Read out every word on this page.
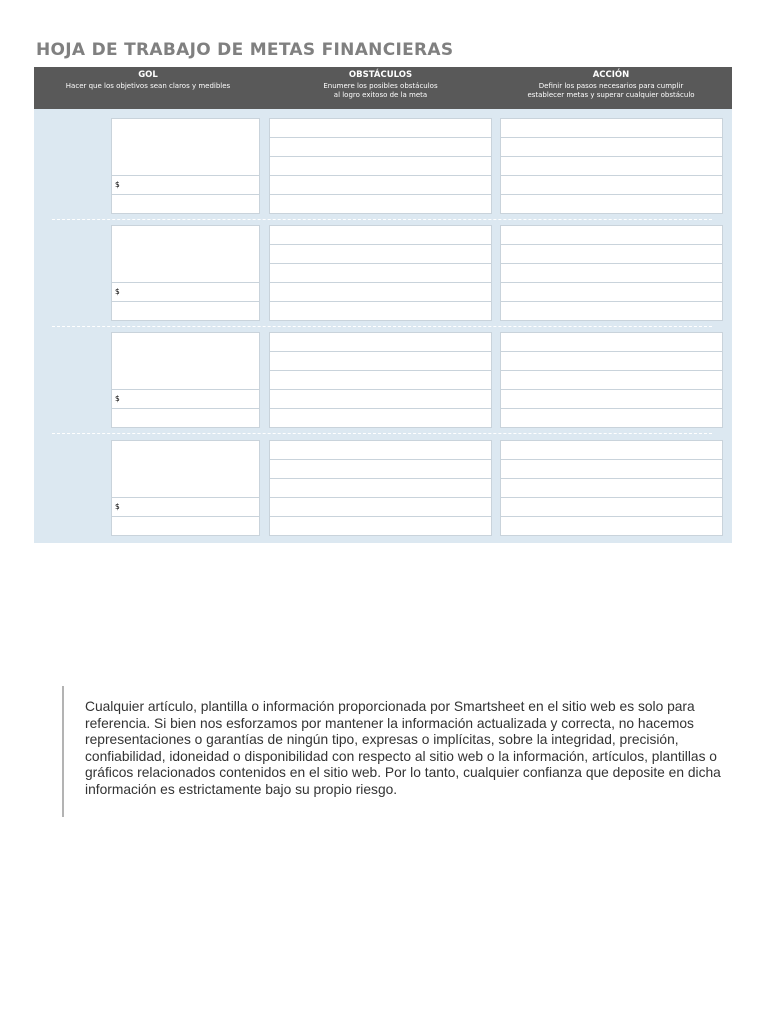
HOJA DE TRABAJO DE METAS FINANCIERAS
GOL
Hacer que los objetivos sean claros y medibles
OBSTÁCULOS
Enumere los posibles obstáculos
al logro exitoso de la meta
ACCIÓN
Definir los pasos necesarios para cumplir
establecer metas y superar cualquier obstáculo
$
$
$
$
Cualquier artículo, plantilla o información proporcionada por Smartsheet en el sitio web es solo para referencia. Si bien nos esforzamos por mantener la información actualizada y correcta, no hacemos representaciones o garantías de ningún tipo, expresas o implícitas, sobre la integridad, precisión, confiabilidad, idoneidad o disponibilidad con respecto al sitio web o la información, artículos, plantillas o gráficos relacionados contenidos en el sitio web. Por lo tanto, cualquier confianza que deposite en dicha información es estrictamente bajo su propio riesgo.
